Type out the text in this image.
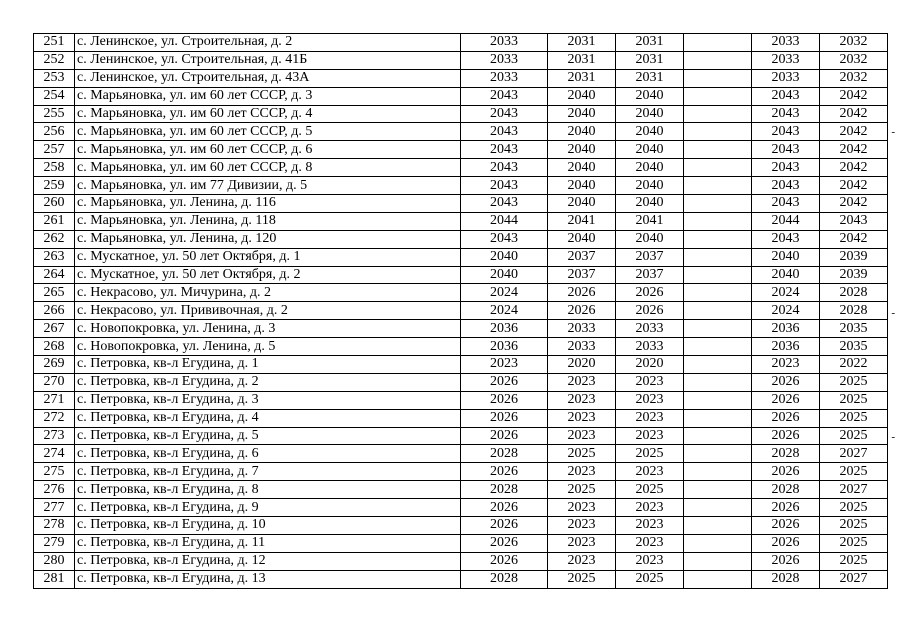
251	с. Ленинское, ул. Строительная, д. 2	2033	2031	2031		2033	2032
252	с. Ленинское, ул. Строительная, д. 41Б	2033	2031	2031		2033	2032
253	с. Ленинское, ул. Строительная, д. 43А	2033	2031	2031		2033	2032
254	с. Марьяновка, ул. им 60 лет СССР, д. 3	2043	2040	2040		2043	2042
255	с. Марьяновка, ул. им 60 лет СССР, д. 4	2043	2040	2040		2043	2042
256	с. Марьяновка, ул. им 60 лет СССР, д. 5	2043	2040	2040		2043	2042
257	с. Марьяновка, ул. им 60 лет СССР, д. 6	2043	2040	2040		2043	2042
258	с. Марьяновка, ул. им 60 лет СССР, д. 8	2043	2040	2040		2043	2042
259	с. Марьяновка, ул. им 77 Дивизии, д. 5	2043	2040	2040		2043	2042
260	с. Марьяновка, ул. Ленина, д. 116	2043	2040	2040		2043	2042
261	с. Марьяновка, ул. Ленина, д. 118	2044	2041	2041		2044	2043
262	с. Марьяновка, ул. Ленина, д. 120	2043	2040	2040		2043	2042
263	с. Мускатное, ул. 50 лет Октября, д. 1	2040	2037	2037		2040	2039
264	с. Мускатное, ул. 50 лет Октября, д. 2	2040	2037	2037		2040	2039
265	с. Некрасово, ул. Мичурина, д. 2	2024	2026	2026		2024	2028
266	с. Некрасово, ул. Прививочная, д. 2	2024	2026	2026		2024	2028
267	с. Новопокровка, ул. Ленина, д. 3	2036	2033	2033		2036	2035
268	с. Новопокровка, ул. Ленина, д. 5	2036	2033	2033		2036	2035
269	с. Петровка, кв-л Егудина, д. 1	2023	2020	2020		2023	2022
270	с. Петровка, кв-л Егудина, д. 2	2026	2023	2023		2026	2025
271	с. Петровка, кв-л Егудина, д. 3	2026	2023	2023		2026	2025
272	с. Петровка, кв-л Егудина, д. 4	2026	2023	2023		2026	2025
273	с. Петровка, кв-л Егудина, д. 5	2026	2023	2023		2026	2025
274	с. Петровка, кв-л Егудина, д. 6	2028	2025	2025		2028	2027
275	с. Петровка, кв-л Егудина, д. 7	2026	2023	2023		2026	2025
276	с. Петровка, кв-л Егудина, д. 8	2028	2025	2025		2028	2027
277	с. Петровка, кв-л Егудина, д. 9	2026	2023	2023		2026	2025
278	с. Петровка, кв-л Егудина, д. 10	2026	2023	2023		2026	2025
279	с. Петровка, кв-л Егудина, д. 11	2026	2023	2023		2026	2025
280	с. Петровка, кв-л Егудина, д. 12	2026	2023	2023		2026	2025
281	с. Петровка, кв-л Егудина, д. 13	2028	2025	2025		2028	2027
-
-
-
